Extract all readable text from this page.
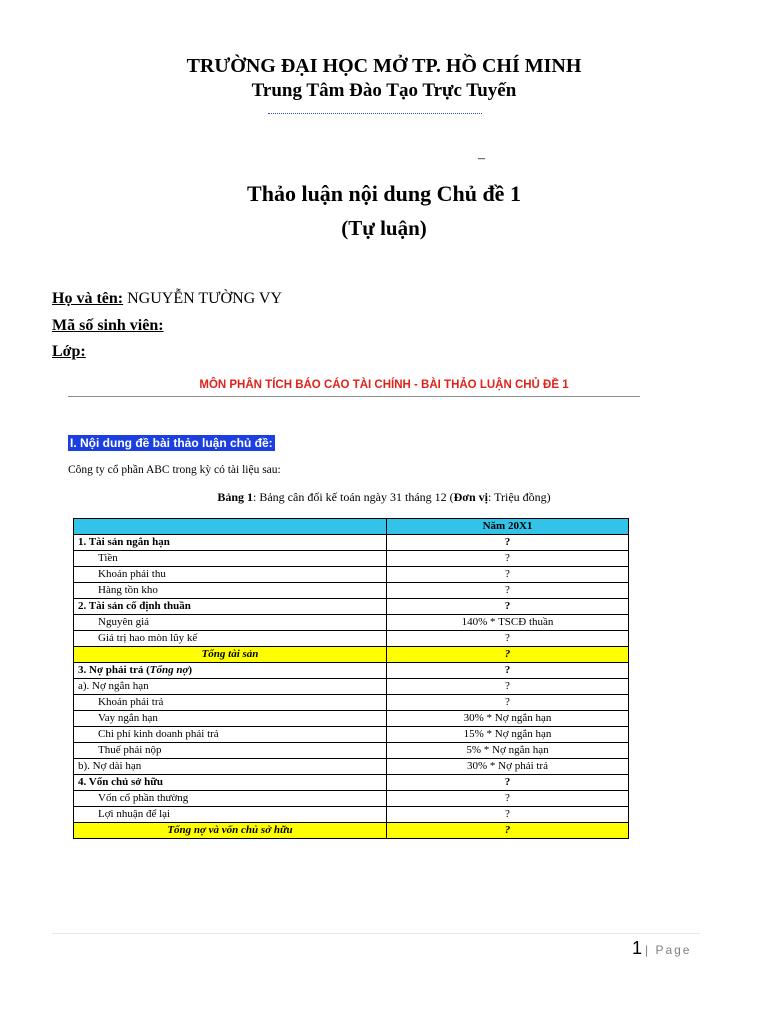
TRƯỜNG ĐẠI HỌC MỞ TP. HỒ CHÍ MINH
Trung Tâm Đào Tạo Trực Tuyến
–
Thảo luận nội dung Chủ đề 1
(Tự luận)
Họ và tên: NGUYỄN TƯỜNG VY
Mã số sinh viên:
Lớp:
MÔN PHÂN TÍCH BÁO CÁO TÀI CHÍNH - BÀI THẢO LUẬN CHỦ ĐỀ 1
I. Nội dung đề bài thảo luận chủ đề:
Công ty cổ phần ABC trong kỳ có tài liệu sau:
Bảng 1: Bảng cân đối kế toán ngày 31 tháng 12 (Đơn vị: Triệu đồng)
	Năm 20X1
1. Tài sản ngắn hạn	?
Tiền	?
Khoản phải thu	?
Hàng tồn kho	?
2. Tài sản cố định thuần	?
Nguyên giá	140% * TSCĐ thuần
Giá trị hao mòn lũy kế	?
Tổng tài sản	?
3. Nợ phải trả (Tổng nợ)	?
a). Nợ ngắn hạn	?
Khoản phải trả	?
Vay ngắn hạn	30% * Nợ ngắn hạn
Chi phí kinh doanh phải trả	15% * Nợ ngắn hạn
Thuế phải nộp	5% * Nợ ngắn hạn
b). Nợ dài hạn	30% * Nợ phải trả
4. Vốn chủ sở hữu	?
Vốn cổ phần thường	?
Lợi nhuận để lại	?
Tổng nợ và vốn chủ sở hữu	?
1 | Page
